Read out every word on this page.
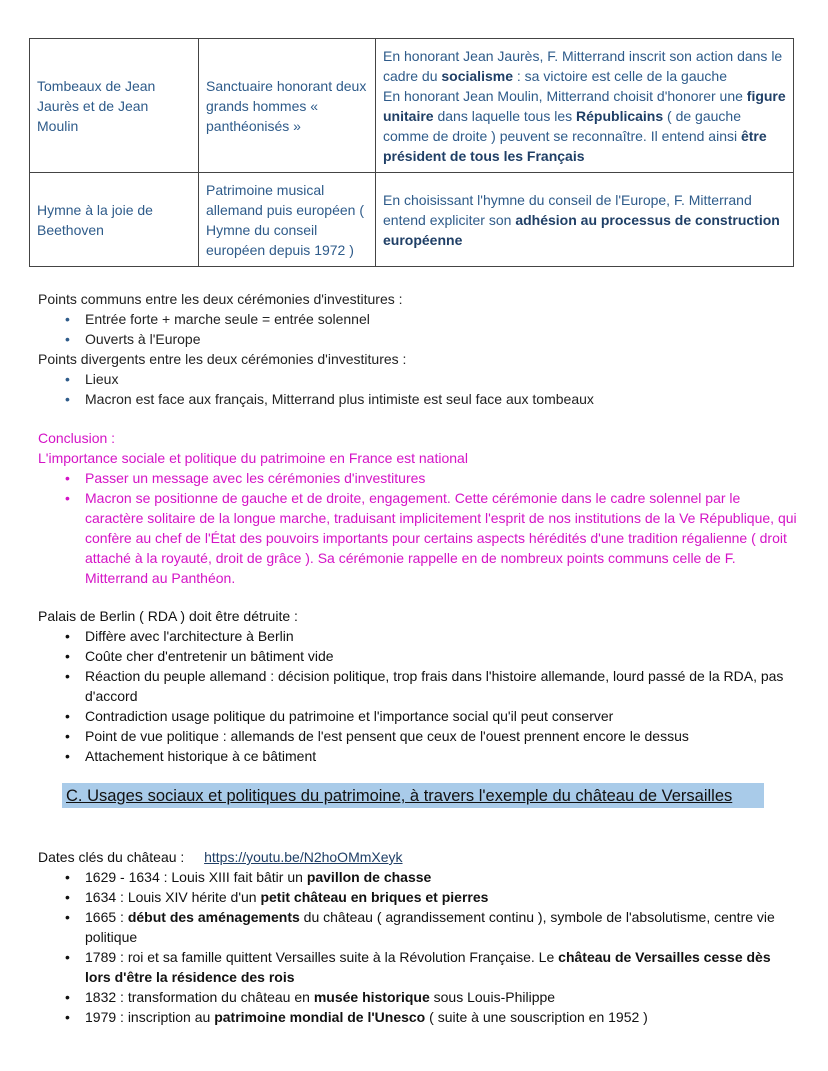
Tombeaux de Jean Jaurès et de Jean Moulin	Sanctuaire honorant deux grands hommes « panthéonisés »	En honorant Jean Jaurès, F. Mitterrand inscrit son action dans le cadre du socialisme : sa victoire est celle de la gauche
En honorant Jean Moulin, Mitterrand choisit d'honorer une figure unitaire dans laquelle tous les Républicains ( de gauche comme de droite ) peuvent se reconnaître. Il entend ainsi être président de tous les Français
Hymne à la joie de Beethoven	Patrimoine musical allemand puis européen ( Hymne du conseil européen depuis 1972 )	En choisissant l'hymne du conseil de l'Europe, F. Mitterrand entend expliciter son adhésion au processus de construction européenne

Points communs entre les deux cérémonies d'investitures :

• Entrée forte + marche seule = entrée solennel
• Ouverts à l'Europe

Points divergents entre les deux cérémonies d'investitures :

• Lieux
• Macron est face aux français, Mitterrand plus intimiste est seul face aux tombeaux

Conclusion :

L'importance sociale et politique du patrimoine en France est national

• Passer un message avec les cérémonies d'investitures
• Macron se positionne de gauche et de droite, engagement. Cette cérémonie dans le cadre solennel par le caractère solitaire de la longue marche, traduisant implicitement l'esprit de nos institutions de la Ve République, qui confère au chef de l'État des pouvoirs importants pour certains aspects hérédités d'une tradition régalienne ( droit attaché à la royauté, droit de grâce ). Sa cérémonie rappelle en de nombreux points communs celle de F. Mitterrand au Panthéon.

Palais de Berlin ( RDA ) doit être détruite :

• Diffère avec l'architecture à Berlin
• Coûte cher d'entretenir un bâtiment vide
• Réaction du peuple allemand : décision politique, trop frais dans l'histoire allemande, lourd passé de la RDA, pas d'accord
• Contradiction usage politique du patrimoine et l'importance social qu'il peut conserver
• Point de vue politique : allemands de l'est pensent que ceux de l'ouest prennent encore le dessus
• Attachement historique à ce bâtiment
C. Usages sociaux et politiques du patrimoine, à travers l'exemple du château de Versailles

Dates clés du château : https://youtu.be/N2hoOMmXeyk

• 1629 - 1634 : Louis XIII fait bâtir un pavillon de chasse
• 1634 : Louis XIV hérite d'un petit château en briques et pierres
• 1665 : début des aménagements du château ( agrandissement continu ), symbole de l'absolutisme, centre vie politique
• 1789 : roi et sa famille quittent Versailles suite à la Révolution Française. Le château de Versailles cesse dès lors d'être la résidence des rois
• 1832 : transformation du château en musée historique sous Louis-Philippe
• 1979 : inscription au patrimoine mondial de l'Unesco ( suite à une souscription en 1952 )
